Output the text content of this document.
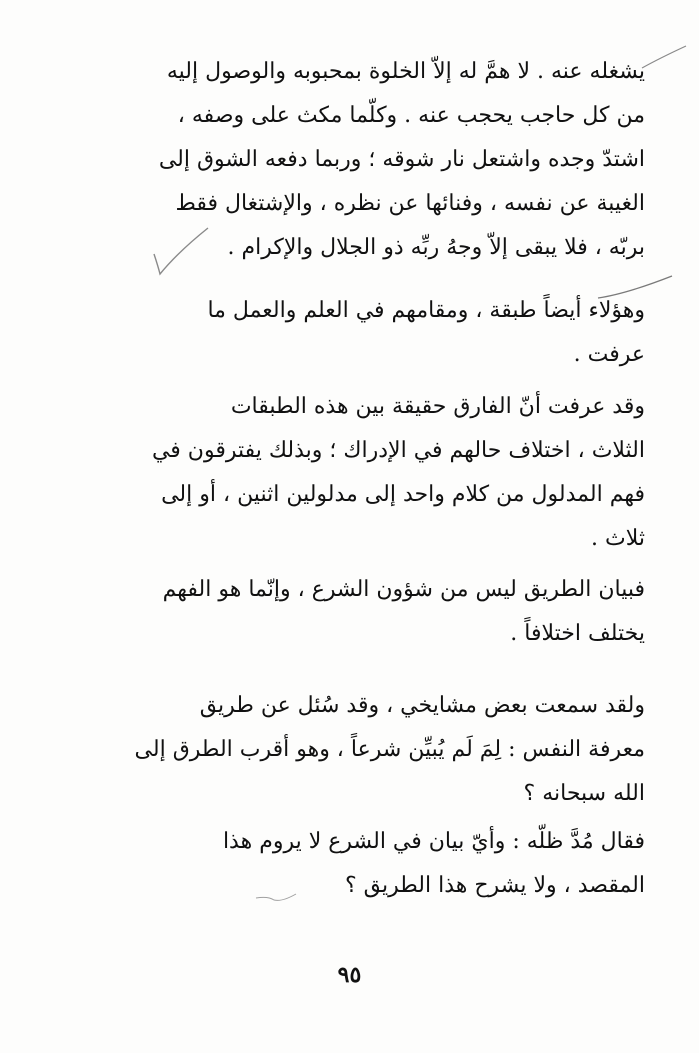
يشغله عنه . لا همَّ له إلاّ الخلوة بمحبوبه والوصول إليه
من كل حاجب يحجب عنه . وكلّما مكث على وصفه ،
اشتدّ وجده واشتعل نار شوقه ؛ وربما دفعه الشوق إلى
الغيبة عن نفسه ، وفنائها عن نظره ، والإشتغال فقط
بربّه ، فلا يبقى إلاّ وجهُ ربِّه ذو الجلال والإكرام .
وهؤلاء أيضاً طبقة ، ومقامهم في العلم والعمل ما
عرفت .
وقد عرفت أنّ الفارق حقيقة بين هذه الطبقات
الثلاث ، اختلاف حالهم في الإدراك ؛ وبذلك يفترقون في
فهم المدلول من كلام واحد إلى مدلولين اثنين ، أو إلى
ثلاث .
فبيان الطريق ليس من شؤون الشرع ، وإنّما هو الفهم
يختلف اختلافاً .
ولقد سمعت بعض مشايخي ، وقد سُئل عن طريق
معرفة النفس : لِمَ لَم يُبيِّن شرعاً ، وهو أقرب الطرق إلى
الله سبحانه ؟
فقال مُدَّ ظلّه : وأيّ بيان في الشرع لا يروم هذا
المقصد ، ولا يشرح هذا الطريق ؟
٩٥
